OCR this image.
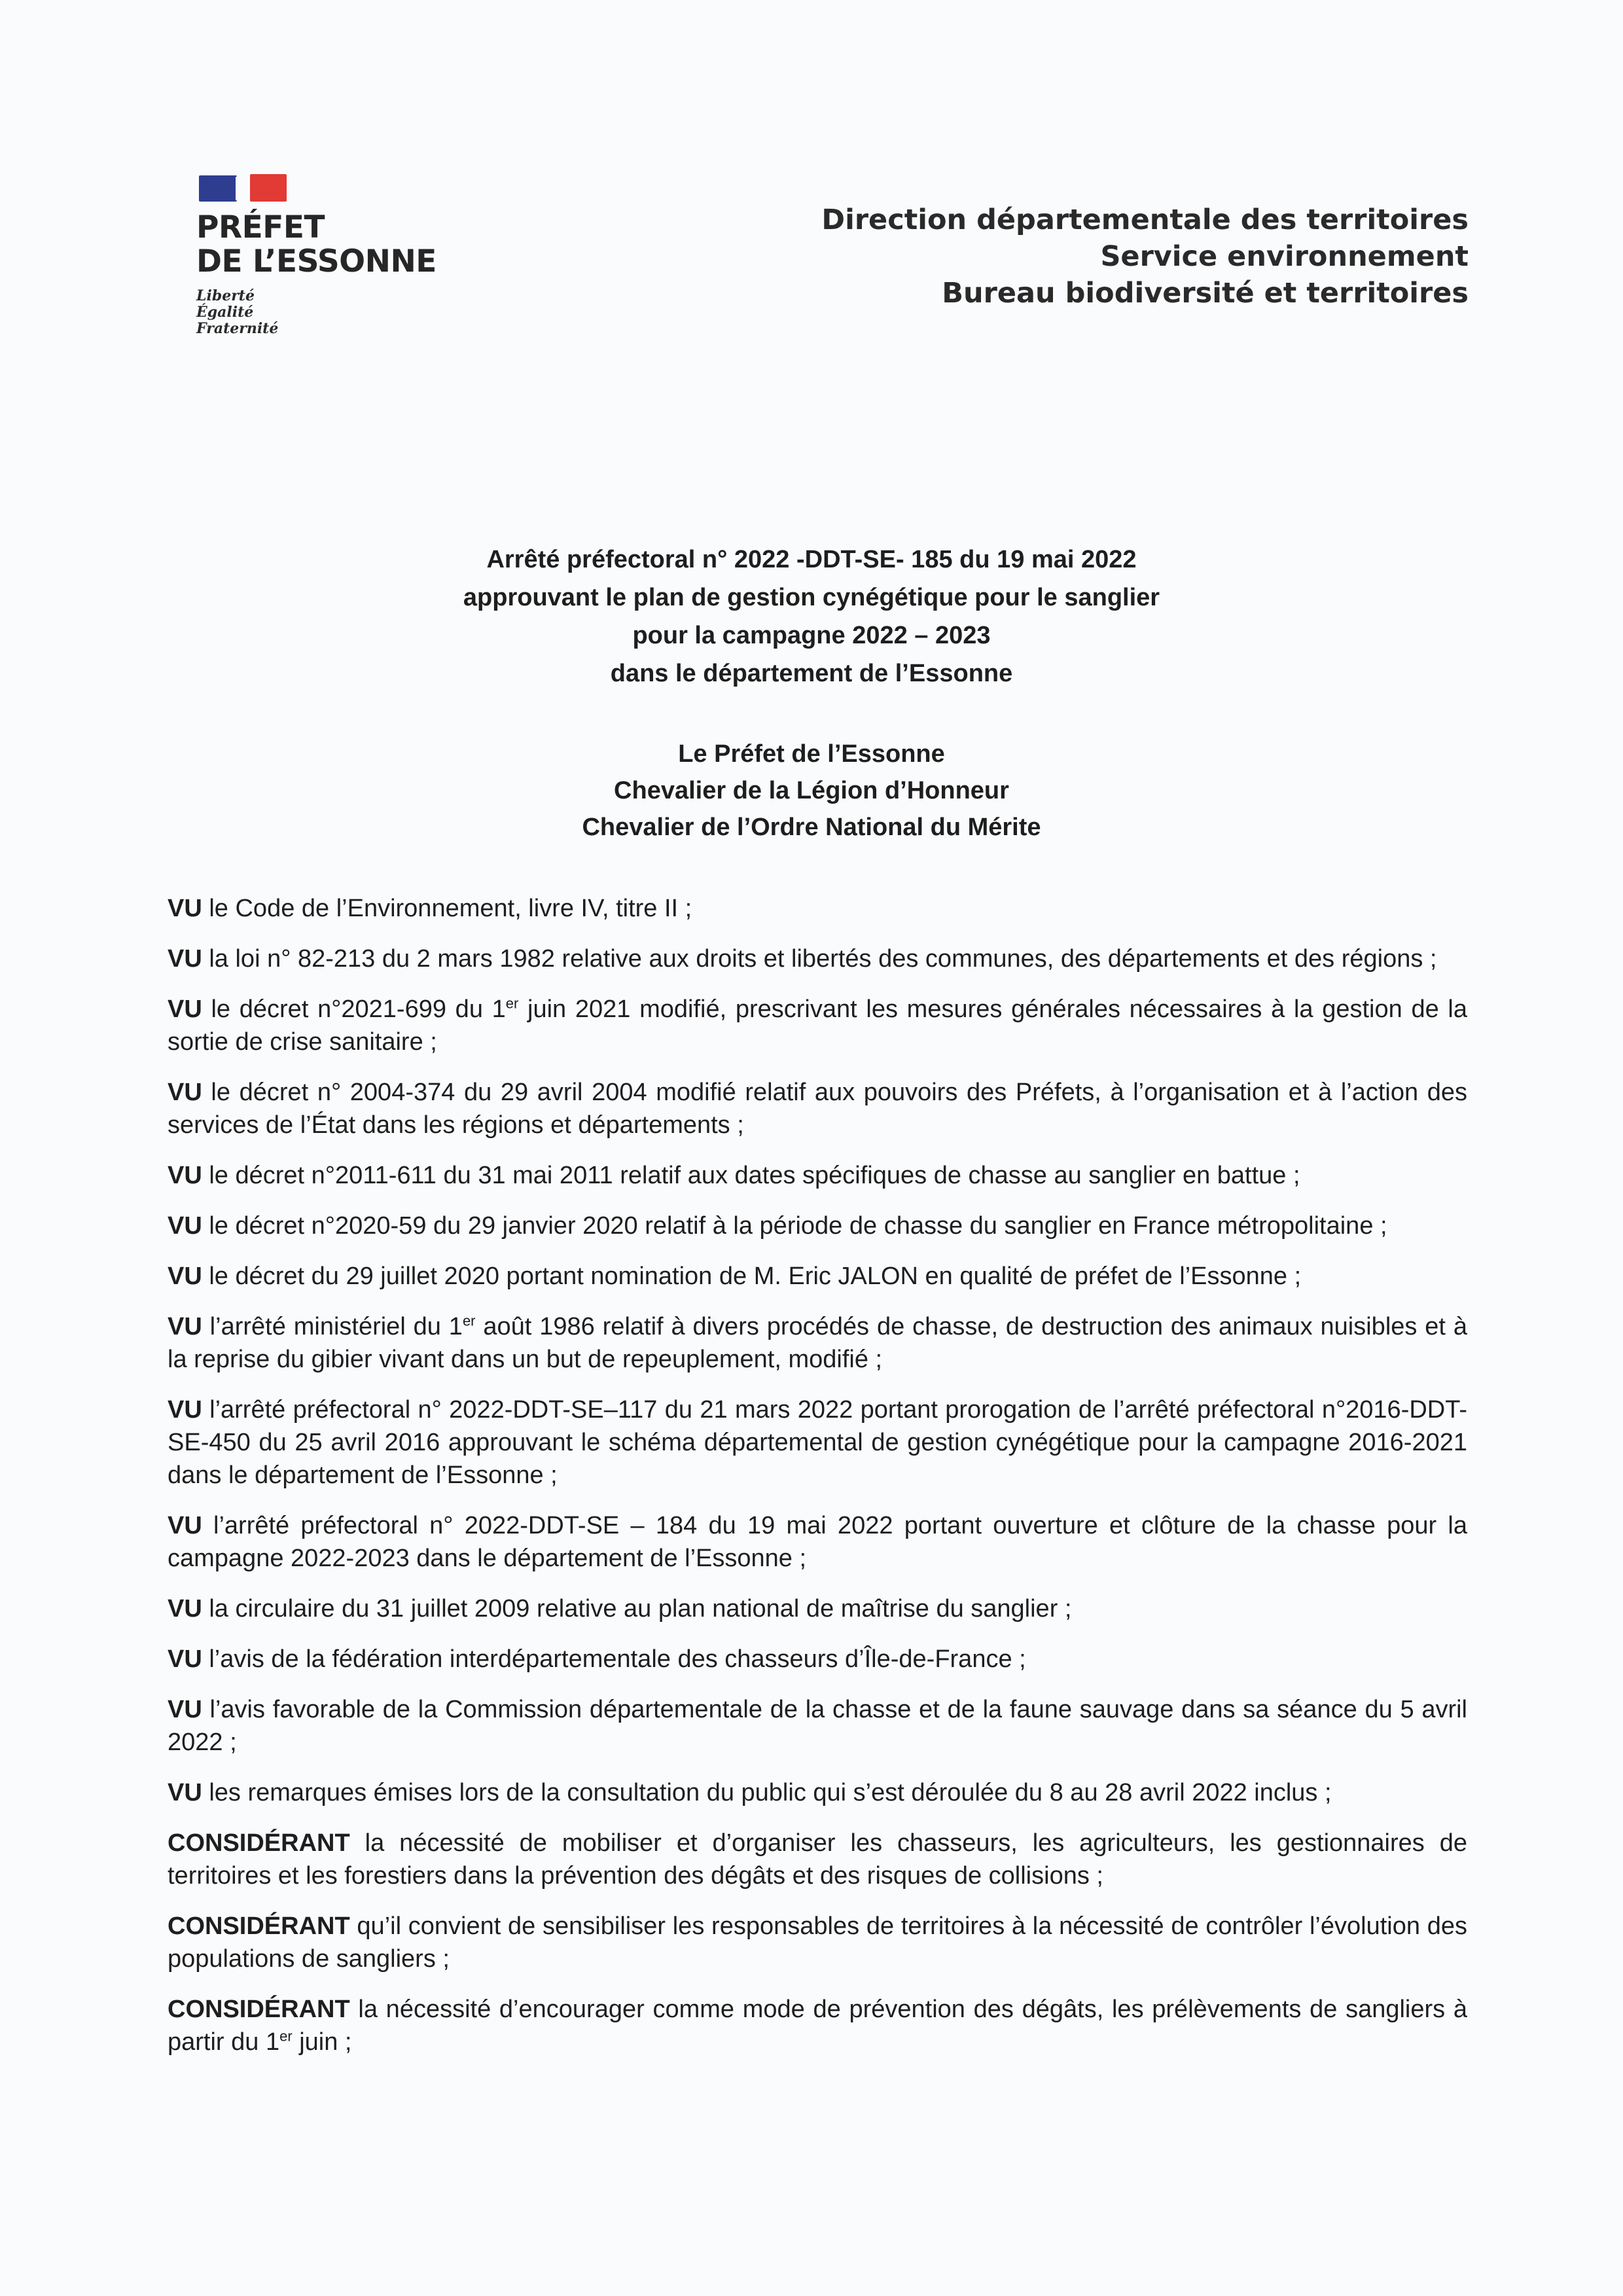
PRÉFET
DE L’ESSONNE
Liberté
Égalité
Fraternité
Direction départementale des territoires
Service environnement
Bureau biodiversité et territoires
Arrêté préfectoral n° 2022 -DDT-SE- 185 du 19 mai 2022
approuvant le plan de gestion cynégétique pour le sanglier
pour la campagne 2022 – 2023
dans le département de l’Essonne
Le Préfet de l’Essonne
Chevalier de la Légion d’Honneur
Chevalier de l’Ordre National du Mérite

VU le Code de l’Environnement, livre IV, titre II ;

VU la loi n° 82-213 du 2 mars 1982 relative aux droits et libertés des communes, des départements et des régions ;

VU le décret n°2021-699 du 1er juin 2021 modifié, prescrivant les mesures générales nécessaires à la gestion de la sortie de crise sanitaire ;

VU le décret n° 2004-374 du 29 avril 2004 modifié relatif aux pouvoirs des Préfets, à l’organisation et à l’action des services de l’État dans les régions et départements ;

VU le décret n°2011-611 du 31 mai 2011 relatif aux dates spécifiques de chasse au sanglier en battue ;

VU le décret n°2020-59 du 29 janvier 2020 relatif à la période de chasse du sanglier en France métropolitaine ;

VU le décret du 29 juillet 2020 portant nomination de M. Eric JALON en qualité de préfet de l’Essonne ;

VU l’arrêté ministériel du 1er août 1986 relatif à divers procédés de chasse, de destruction des animaux nuisibles et à la reprise du gibier vivant dans un but de repeuplement, modifié ;

VU l’arrêté préfectoral n° 2022-DDT-SE–117 du 21 mars 2022 portant prorogation de l’arrêté préfectoral n°2016-DDT-SE-450 du 25 avril 2016 approuvant le schéma départemental de gestion cynégétique pour la campagne 2016-2021 dans le département de l’Essonne ;

VU l’arrêté préfectoral n° 2022-DDT-SE – 184 du 19 mai 2022 portant ouverture et clôture de la chasse pour la campagne 2022-2023 dans le département de l’Essonne ;

VU la circulaire du 31 juillet 2009 relative au plan national de maîtrise du sanglier ;

VU l’avis de la fédération interdépartementale des chasseurs d’Île-de-France ;

VU l’avis favorable de la Commission départementale de la chasse et de la faune sauvage dans sa séance du 5 avril 2022 ;

VU les remarques émises lors de la consultation du public qui s’est déroulée du 8 au 28 avril 2022 inclus ;

CONSIDÉRANT la nécessité de mobiliser et d’organiser les chasseurs, les agriculteurs, les gestionnaires de territoires et les forestiers dans la prévention des dégâts et des risques de collisions ;

CONSIDÉRANT qu’il convient de sensibiliser les responsables de territoires à la nécessité de contrôler l’évolution des populations de sangliers ;

CONSIDÉRANT la nécessité d’encourager comme mode de prévention des dégâts, les prélèvements de sangliers à partir du 1er juin ;
